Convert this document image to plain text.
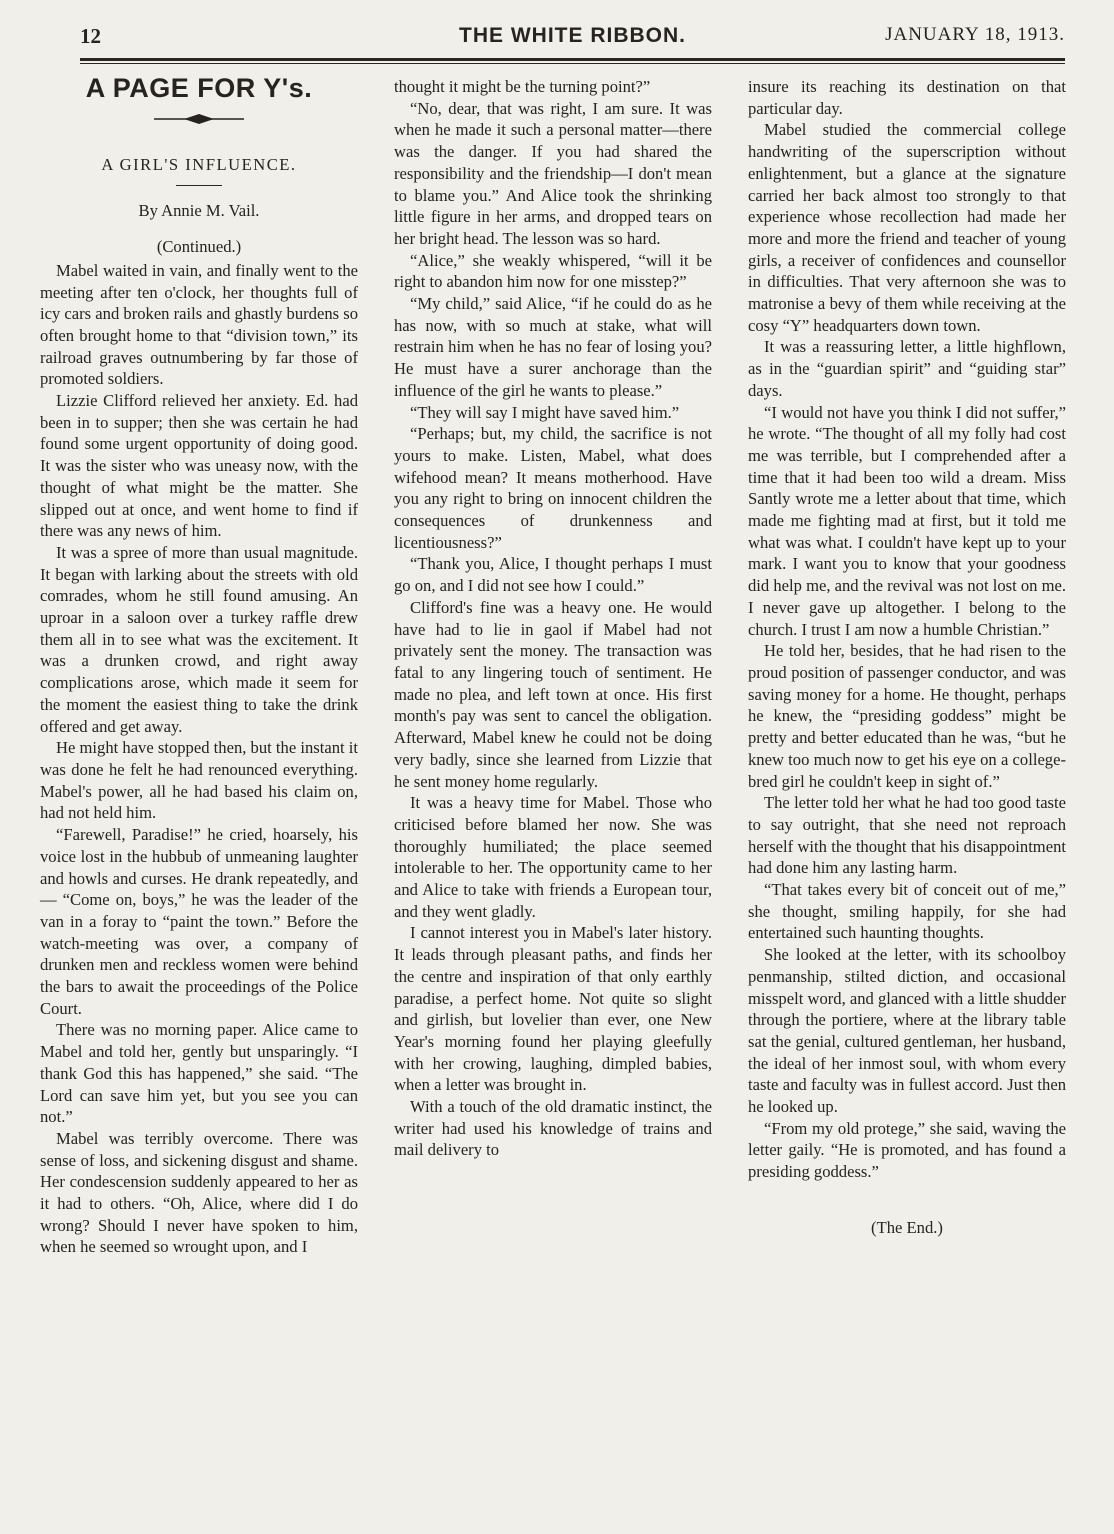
12	THE WHITE RIBBON.	JANUARY 18, 1913.
A PAGE FOR Y's.
A GIRL'S INFLUENCE.
By Annie M. Vail.
(Continued.)

Mabel waited in vain, and finally went to the meeting after ten o'clock, her thoughts full of icy cars and broken rails and ghastly burdens so often brought home to that “division town,” its railroad graves outnumbering by far those of promoted soldiers.

Lizzie Clifford relieved her anxiety. Ed. had been in to supper; then she was certain he had found some urgent opportunity of doing good. It was the sister who was uneasy now, with the thought of what might be the matter. She slipped out at once, and went home to find if there was any news of him.

It was a spree of more than usual magnitude. It began with larking about the streets with old comrades, whom he still found amusing. An uproar in a saloon over a turkey raffle drew them all in to see what was the excitement. It was a drunken crowd, and right away complications arose, which made it seem for the moment the easiest thing to take the drink offered and get away.

He might have stopped then, but the instant it was done he felt he had renounced everything. Mabel's power, all he had based his claim on, had not held him.

“Farewell, Paradise!” he cried, hoarsely, his voice lost in the hubbub of unmeaning laughter and howls and curses. He drank repeatedly, and— “Come on, boys,” he was the leader of the van in a foray to “paint the town.” Before the watch-meeting was over, a company of drunken men and reckless women were behind the bars to await the proceedings of the Police Court.

There was no morning paper. Alice came to Mabel and told her, gently but unsparingly. “I thank God this has happened,” she said. “The Lord can save him yet, but you see you can not.”

Mabel was terribly overcome. There was sense of loss, and sickening disgust and shame. Her condescension suddenly appeared to her as it had to others. “Oh, Alice, where did I do wrong? Should I never have spoken to him, when he seemed so wrought upon, and I

thought it might be the turning point?”

“No, dear, that was right, I am sure. It was when he made it such a personal matter—there was the danger. If you had shared the responsibility and the friendship—I don't mean to blame you.” And Alice took the shrinking little figure in her arms, and dropped tears on her bright head. The lesson was so hard.

“Alice,” she weakly whispered, “will it be right to abandon him now for one misstep?”

“My child,” said Alice, “if he could do as he has now, with so much at stake, what will restrain him when he has no fear of losing you? He must have a surer anchorage than the influence of the girl he wants to please.”

“They will say I might have saved him.”

“Perhaps; but, my child, the sacrifice is not yours to make. Listen, Mabel, what does wifehood mean? It means motherhood. Have you any right to bring on innocent children the consequences of drunkenness and licentiousness?”

“Thank you, Alice, I thought perhaps I must go on, and I did not see how I could.”

Clifford's fine was a heavy one. He would have had to lie in gaol if Mabel had not privately sent the money. The transaction was fatal to any lingering touch of sentiment. He made no plea, and left town at once. His first month's pay was sent to cancel the obligation. Afterward, Mabel knew he could not be doing very badly, since she learned from Lizzie that he sent money home regularly.

It was a heavy time for Mabel. Those who criticised before blamed her now. She was thoroughly humiliated; the place seemed intolerable to her. The opportunity came to her and Alice to take with friends a European tour, and they went gladly.

I cannot interest you in Mabel's later history. It leads through pleasant paths, and finds her the centre and inspiration of that only earthly paradise, a perfect home. Not quite so slight and girlish, but lovelier than ever, one New Year's morning found her playing gleefully with her crowing, laughing, dimpled babies, when a letter was brought in.

With a touch of the old dramatic instinct, the writer had used his knowledge of trains and mail delivery to

insure its reaching its destination on that particular day.

Mabel studied the commercial college handwriting of the superscription without enlightenment, but a glance at the signature carried her back almost too strongly to that experience whose recollection had made her more and more the friend and teacher of young girls, a receiver of confidences and counsellor in difficulties. That very afternoon she was to matronise a bevy of them while receiving at the cosy “Y” headquarters down town.

It was a reassuring letter, a little highflown, as in the “guardian spirit” and “guiding star” days.

“I would not have you think I did not suffer,” he wrote. “The thought of all my folly had cost me was terrible, but I comprehended after a time that it had been too wild a dream. Miss Santly wrote me a letter about that time, which made me fighting mad at first, but it told me what was what. I couldn't have kept up to your mark. I want you to know that your goodness did help me, and the revival was not lost on me. I never gave up altogether. I belong to the church. I trust I am now a humble Christian.”

He told her, besides, that he had risen to the proud position of passenger conductor, and was saving money for a home. He thought, perhaps he knew, the “presiding goddess” might be pretty and better educated than he was, “but he knew too much now to get his eye on a college-bred girl he couldn't keep in sight of.”

The letter told her what he had too good taste to say outright, that she need not reproach herself with the thought that his disappointment had done him any lasting harm.

“That takes every bit of conceit out of me,” she thought, smiling happily, for she had entertained such haunting thoughts.

She looked at the letter, with its schoolboy penmanship, stilted diction, and occasional misspelt word, and glanced with a little shudder through the portiere, where at the library table sat the genial, cultured gentleman, her husband, the ideal of her inmost soul, with whom every taste and faculty was in fullest accord. Just then he looked up.

“From my old protege,” she said, waving the letter gaily. “He is promoted, and has found a presiding goddess.”

(The End.)
